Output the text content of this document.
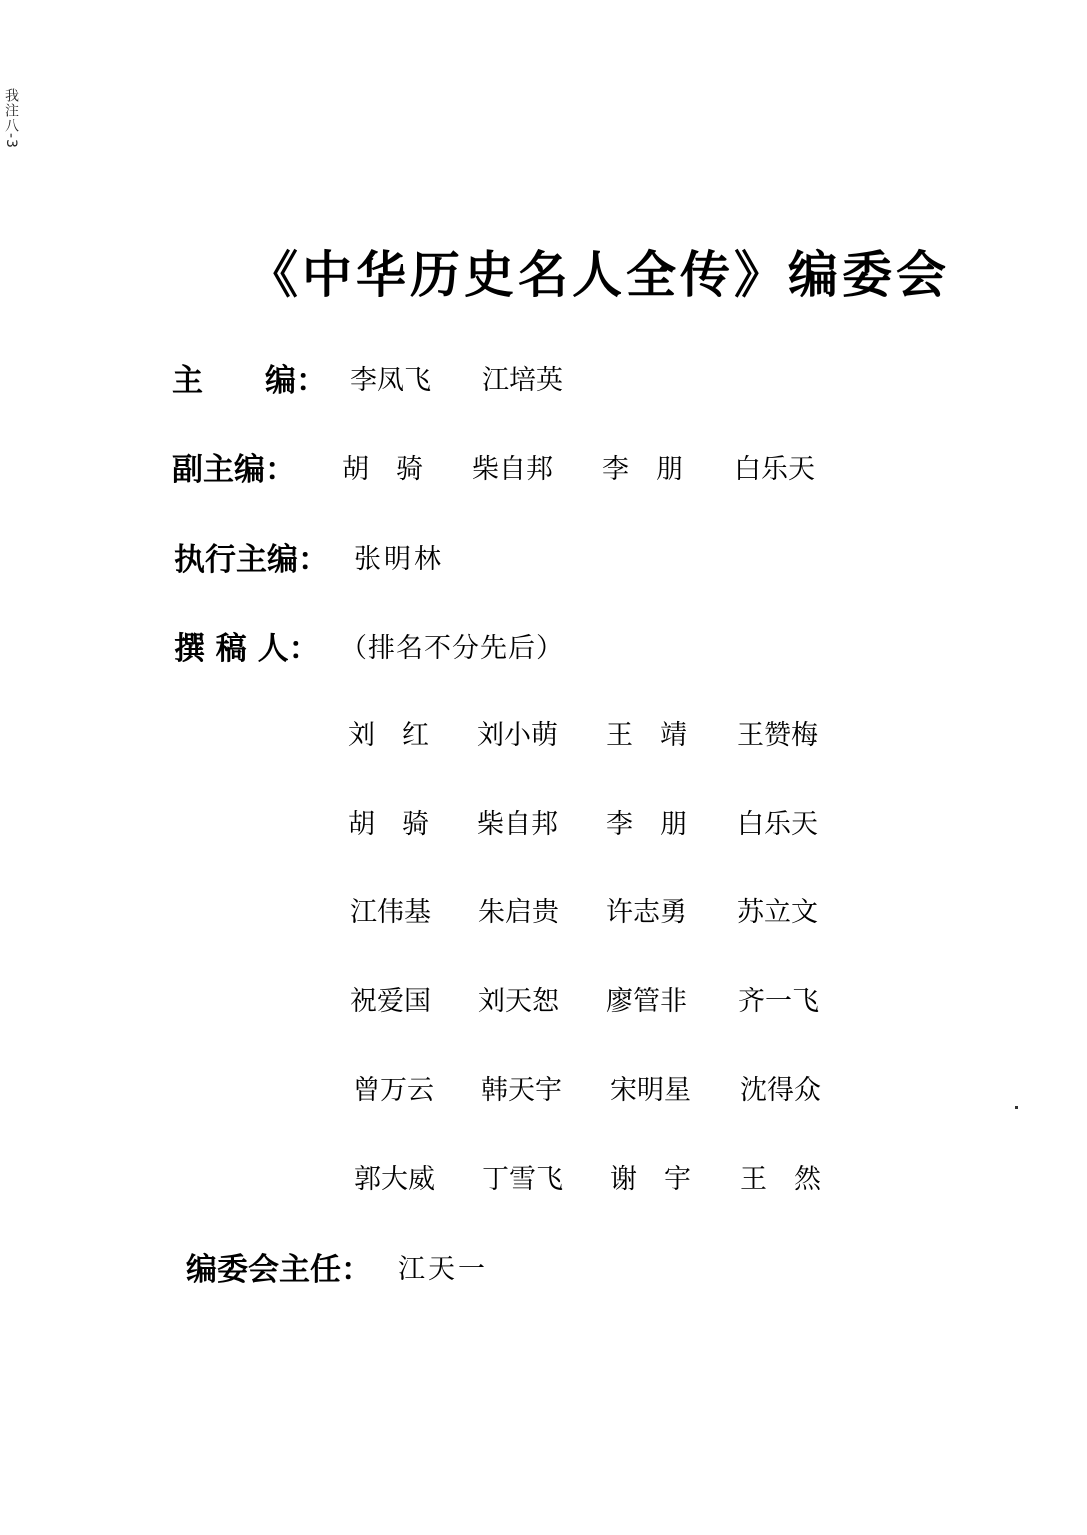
我注八-3
《中华历史名人全传》编委会
主　　编： 李凤飞 江培英
副主编： 胡　骑 柴自邦 李　朋 白乐天
执行主编： 张明林
撰 稿 人： （排名不分先后）
刘　红 刘小萌 王　靖 王赞梅
胡　骑 柴自邦 李　朋 白乐天
江伟基 朱启贵 许志勇 苏立文
祝爱国 刘天恕 廖管非 齐一飞
曾万云 韩天宇 宋明星 沈得众
郭大威 丁雪飞 谢　宇 王　然
编委会主任： 江天一
